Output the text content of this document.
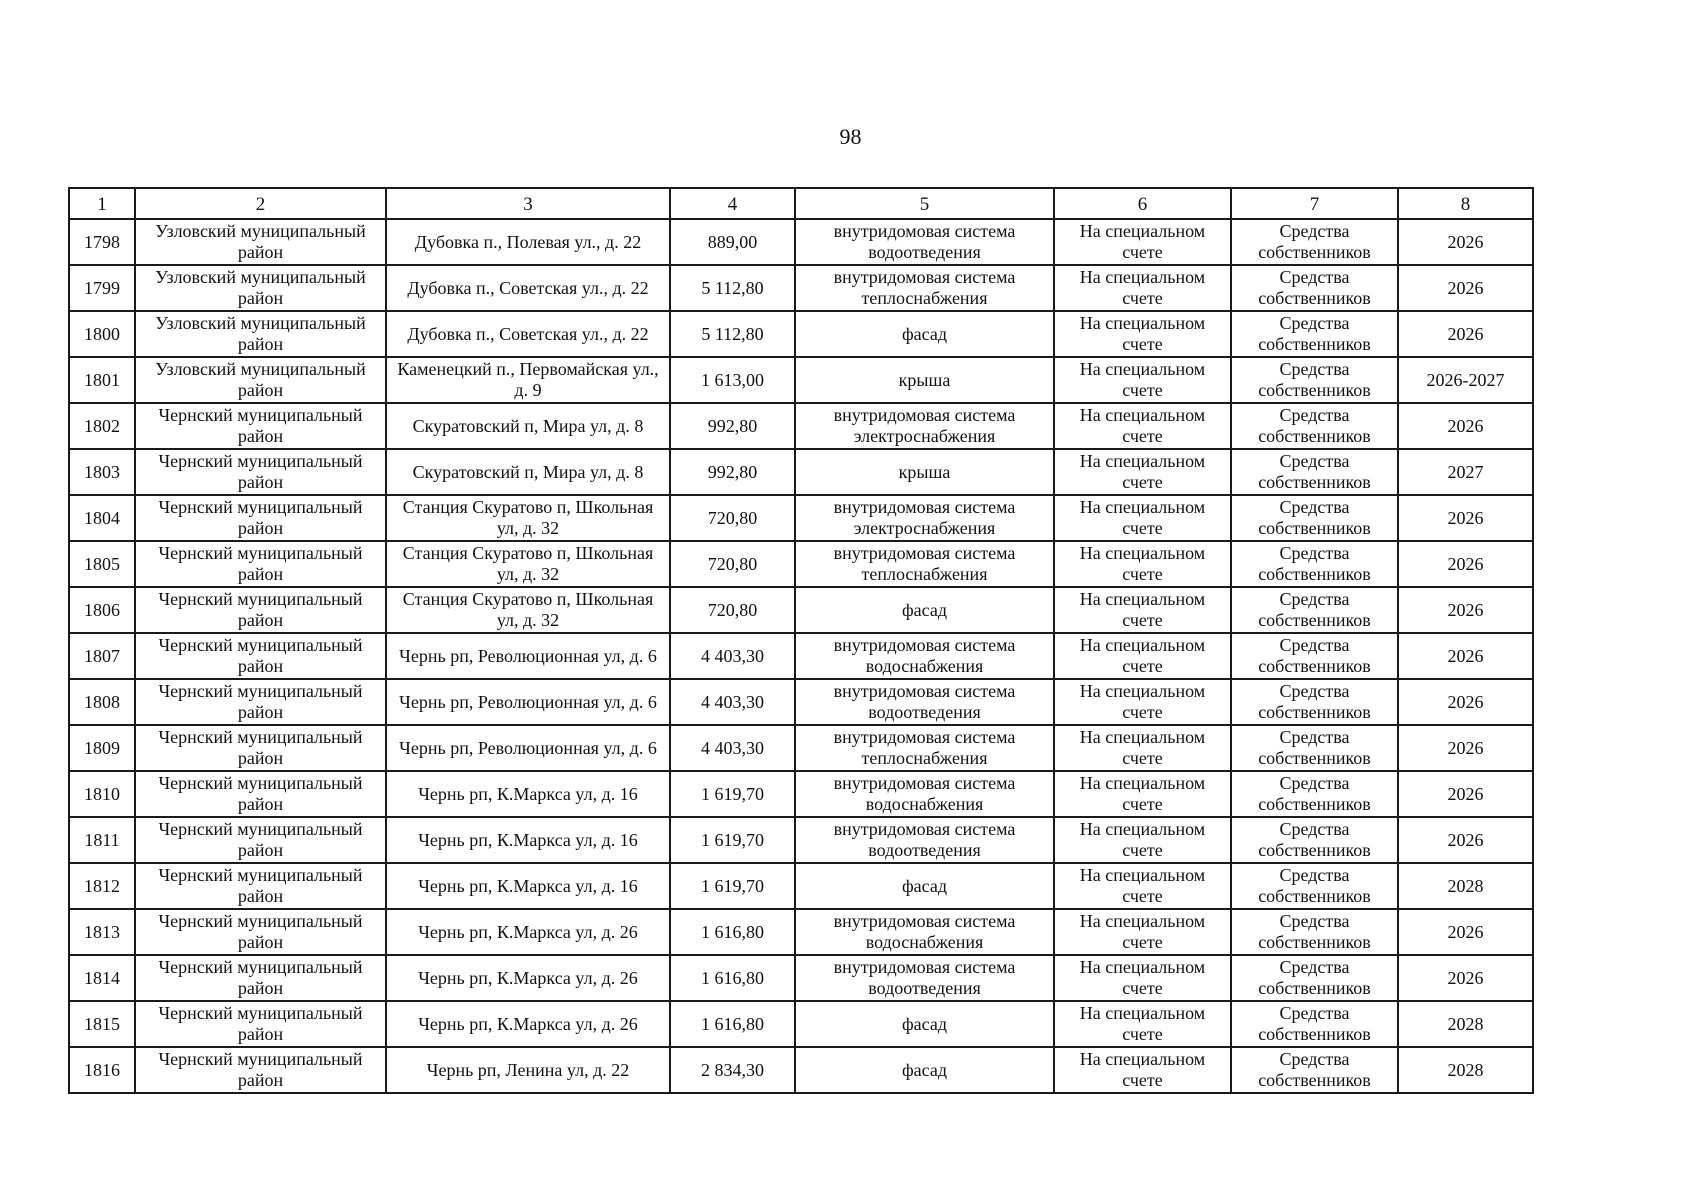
98
1	2	3	4	5	6	7	8
1798	Узловский муниципальный район	Дубовка п., Полевая ул., д. 22	889,00	внутридомовая система водоотведения	На специальном счете	Средства собственников	2026
1799	Узловский муниципальный район	Дубовка п., Советская ул., д. 22	5 112,80	внутридомовая система теплоснабжения	На специальном счете	Средства собственников	2026
1800	Узловский муниципальный район	Дубовка п., Советская ул., д. 22	5 112,80	фасад	На специальном счете	Средства собственников	2026
1801	Узловский муниципальный район	Каменецкий п., Первомайская ул., д. 9	1 613,00	крыша	На специальном счете	Средства собственников	2026-2027
1802	Чернский муниципальный район	Скуратовский п, Мира ул, д. 8	992,80	внутридомовая система электроснабжения	На специальном счете	Средства собственников	2026
1803	Чернский муниципальный район	Скуратовский п, Мира ул, д. 8	992,80	крыша	На специальном счете	Средства собственников	2027
1804	Чернский муниципальный район	Станция Скуратово п, Школьная ул, д. 32	720,80	внутридомовая система электроснабжения	На специальном счете	Средства собственников	2026
1805	Чернский муниципальный район	Станция Скуратово п, Школьная ул, д. 32	720,80	внутридомовая система теплоснабжения	На специальном счете	Средства собственников	2026
1806	Чернский муниципальный район	Станция Скуратово п, Школьная ул, д. 32	720,80	фасад	На специальном счете	Средства собственников	2026
1807	Чернский муниципальный район	Чернь рп, Революционная ул, д. 6	4 403,30	внутридомовая система водоснабжения	На специальном счете	Средства собственников	2026
1808	Чернский муниципальный район	Чернь рп, Революционная ул, д. 6	4 403,30	внутридомовая система водоотведения	На специальном счете	Средства собственников	2026
1809	Чернский муниципальный район	Чернь рп, Революционная ул, д. 6	4 403,30	внутридомовая система теплоснабжения	На специальном счете	Средства собственников	2026
1810	Чернский муниципальный район	Чернь рп, К.Маркса ул, д. 16	1 619,70	внутридомовая система водоснабжения	На специальном счете	Средства собственников	2026
1811	Чернский муниципальный район	Чернь рп, К.Маркса ул, д. 16	1 619,70	внутридомовая система водоотведения	На специальном счете	Средства собственников	2026
1812	Чернский муниципальный район	Чернь рп, К.Маркса ул, д. 16	1 619,70	фасад	На специальном счете	Средства собственников	2028
1813	Чернский муниципальный район	Чернь рп, К.Маркса ул, д. 26	1 616,80	внутридомовая система водоснабжения	На специальном счете	Средства собственников	2026
1814	Чернский муниципальный район	Чернь рп, К.Маркса ул, д. 26	1 616,80	внутридомовая система водоотведения	На специальном счете	Средства собственников	2026
1815	Чернский муниципальный район	Чернь рп, К.Маркса ул, д. 26	1 616,80	фасад	На специальном счете	Средства собственников	2028
1816	Чернский муниципальный район	Чернь рп, Ленина ул, д. 22	2 834,30	фасад	На специальном счете	Средства собственников	2028
